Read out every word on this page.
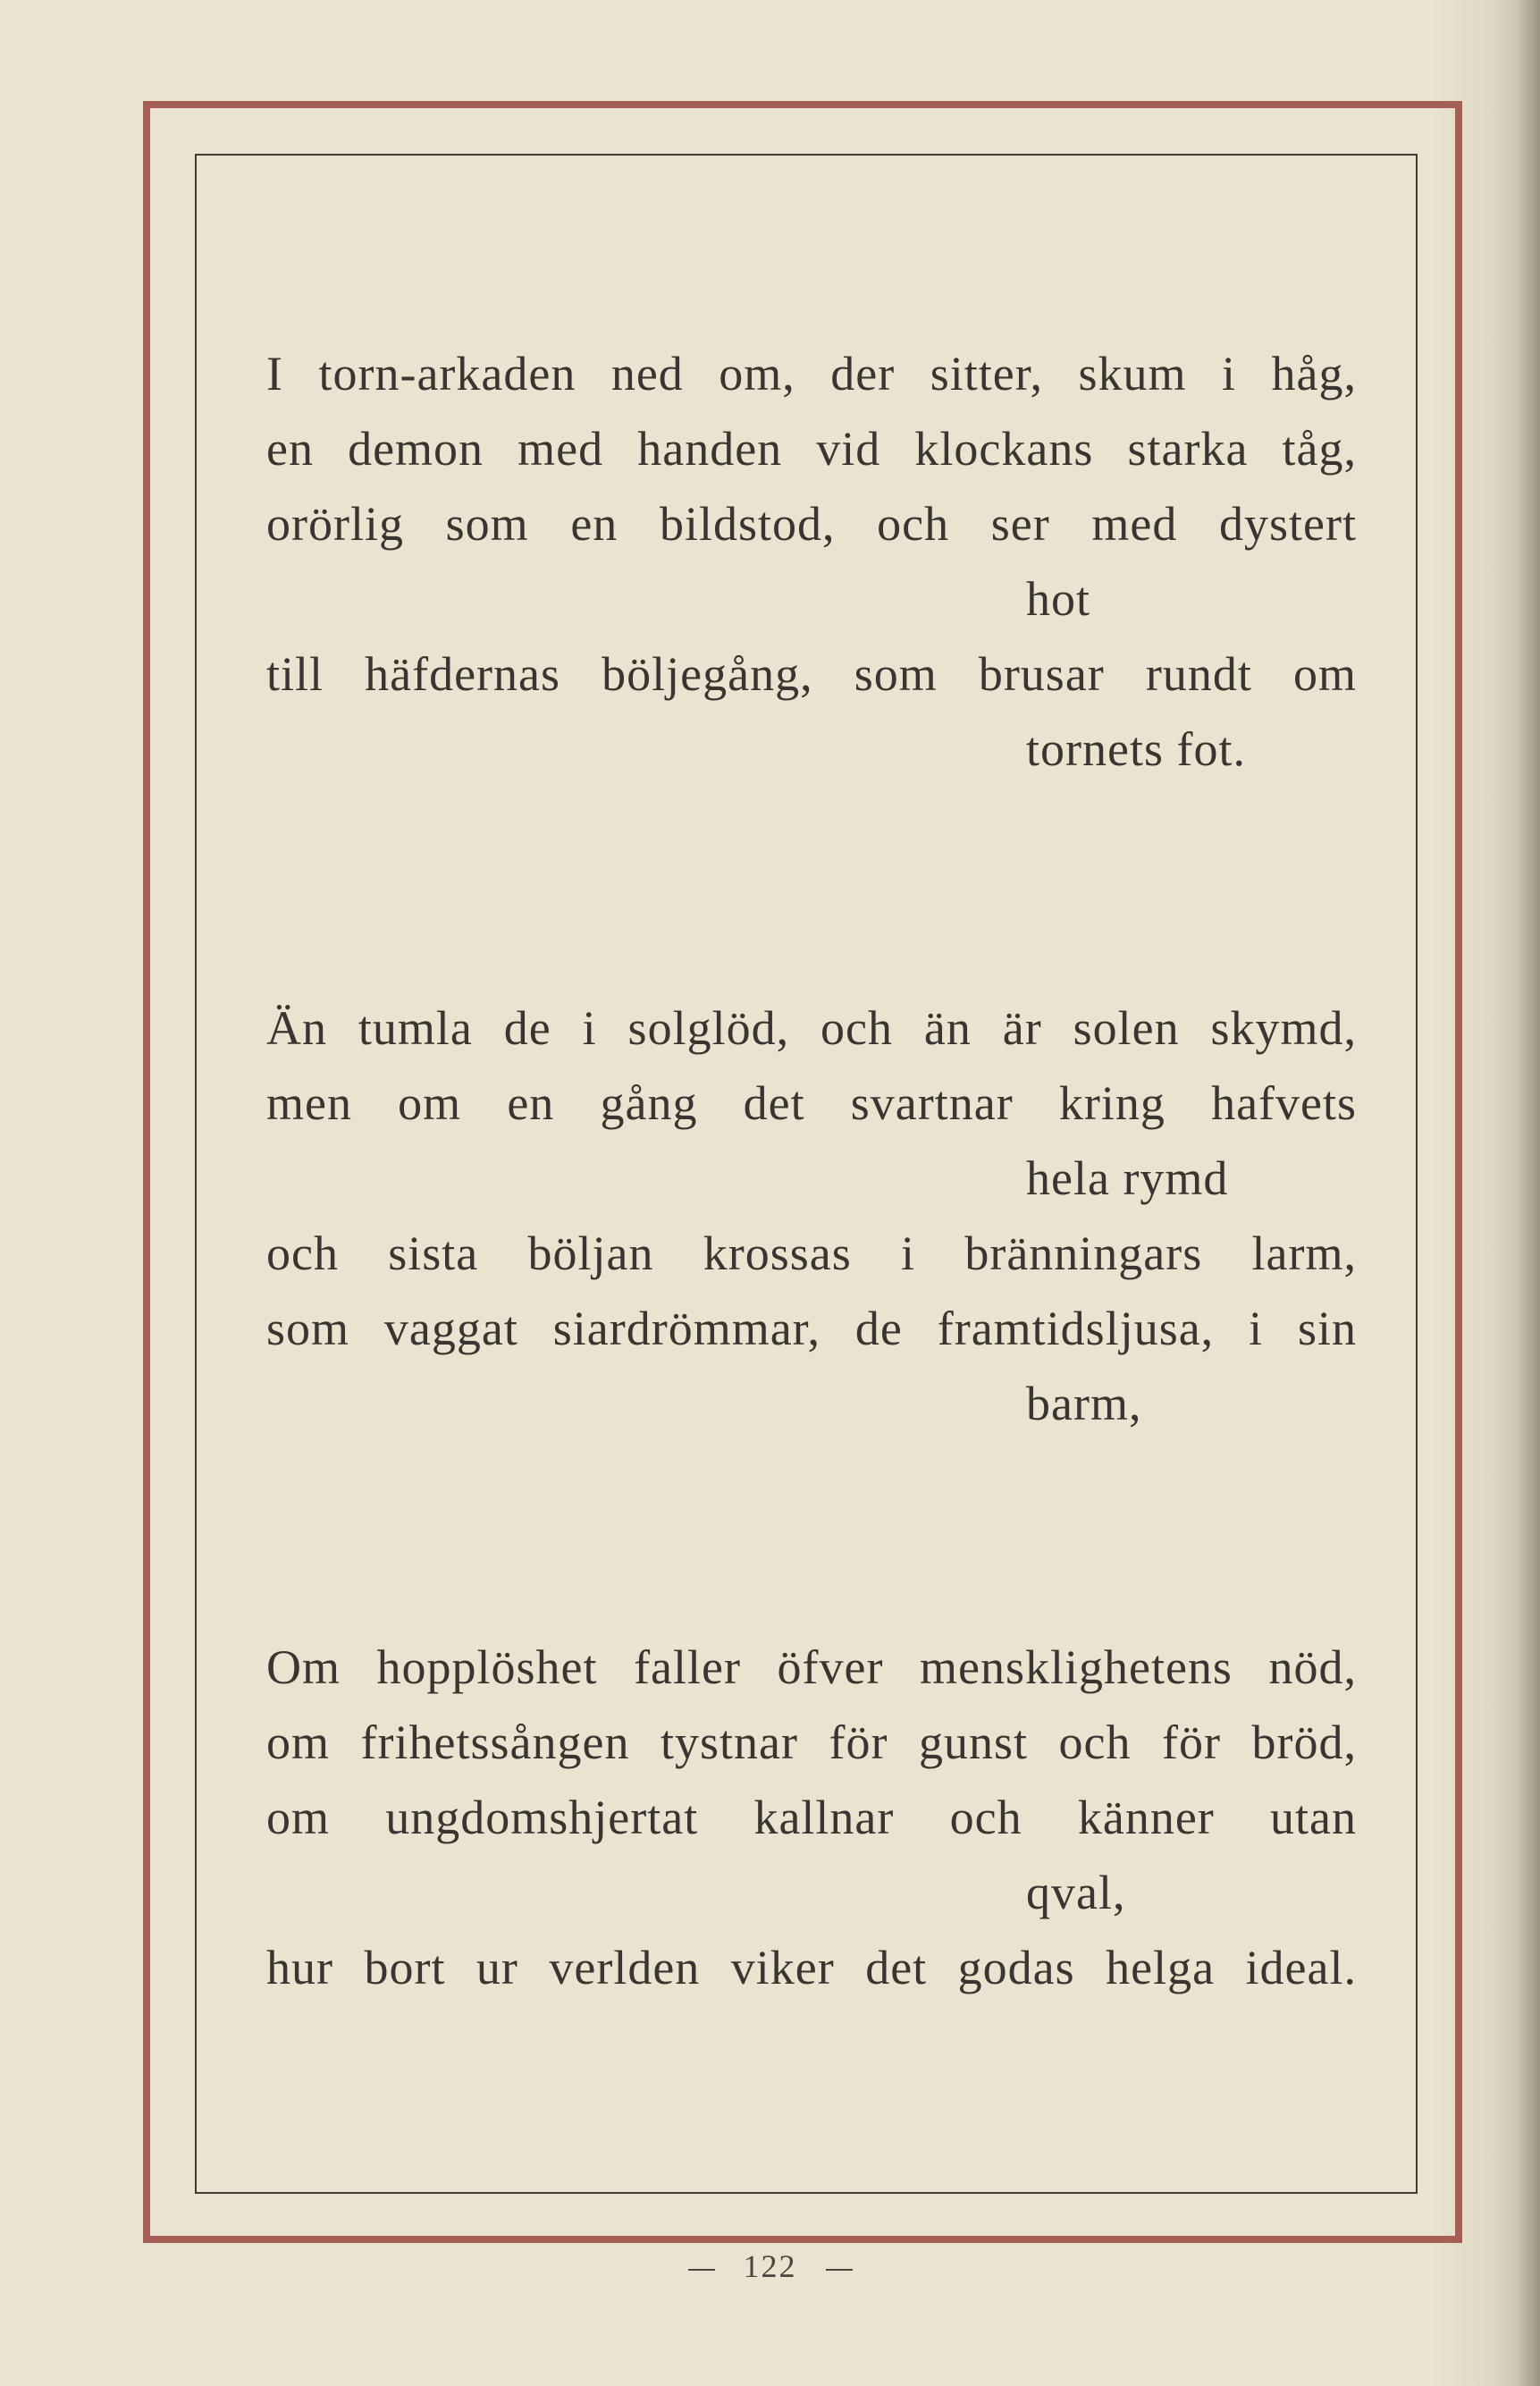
I torn-arkaden ned om, der sitter, skum i håg,
en demon med handen vid klockans starka tåg,
orörlig som en bildstod, och ser med dystert
hot
till häfdernas böljegång, som brusar rundt om
tornets fot.
Än tumla de i solglöd, och än är solen skymd,
men om en gång det svartnar kring hafvets
hela rymd
och sista böljan krossas i bränningars larm,
som vaggat siardrömmar, de framtidsljusa, i sin
barm,
Om hopplöshet faller öfver mensklighetens nöd,
om frihetssången tystnar för gunst och för bröd,
om ungdomshjertat kallnar och känner utan
qval,
hur bort ur verlden viker det godas helga ideal.
122
